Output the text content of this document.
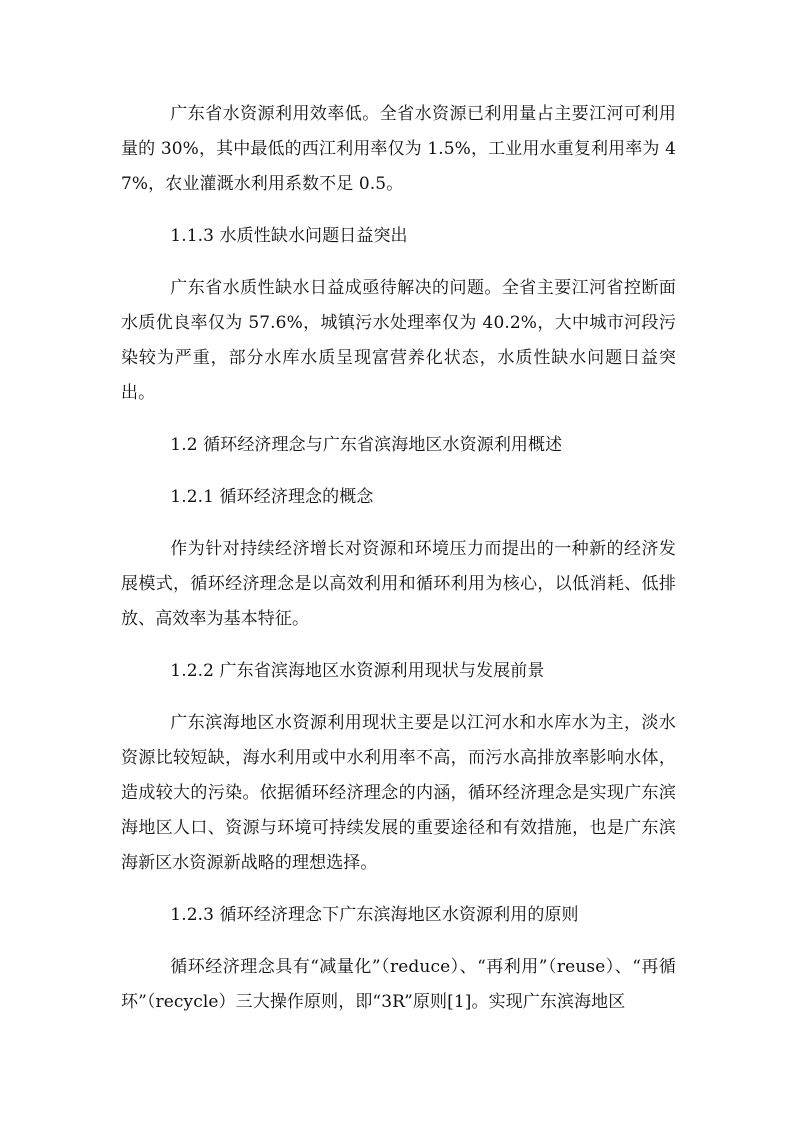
广东省水资源利用效率低。全省水资源已利用量占主要江河可利用量的 30%，其中最低的西江利用率仅为 1.5%，工业用水重复利用率为 47%，农业灌溉水利用系数不足 0.5。

1.1.3 水质性缺水问题日益突出

广东省水质性缺水日益成亟待解决的问题。全省主要江河省控断面水质优良率仅为 57.6%，城镇污水处理率仅为 40.2%，大中城市河段污染较为严重，部分水库水质呈现富营养化状态，水质性缺水问题日益突出。

1.2 循环经济理念与广东省滨海地区水资源利用概述

1.2.1 循环经济理念的概念

作为针对持续经济增长对资源和环境压力而提出的一种新的经济发展模式，循环经济理念是以高效利用和循环利用为核心，以低消耗、低排放、高效率为基本特征。

1.2.2 广东省滨海地区水资源利用现状与发展前景

广东滨海地区水资源利用现状主要是以江河水和水库水为主，淡水资源比较短缺，海水利用或中水利用率不高，而污水高排放率影响水体，造成较大的污染。依据循环经济理念的内涵，循环经济理念是实现广东滨海地区人口、资源与环境可持续发展的重要途径和有效措施，也是广东滨海新区水资源新战略的理想选择。

1.2.3 循环经济理念下广东滨海地区水资源利用的原则

循环经济理念具有“减量化”（reduce）、“再利用”（reuse）、“再循环”（recycle）三大操作原则，即“3R”原则[1]。实现广东滨海地区
